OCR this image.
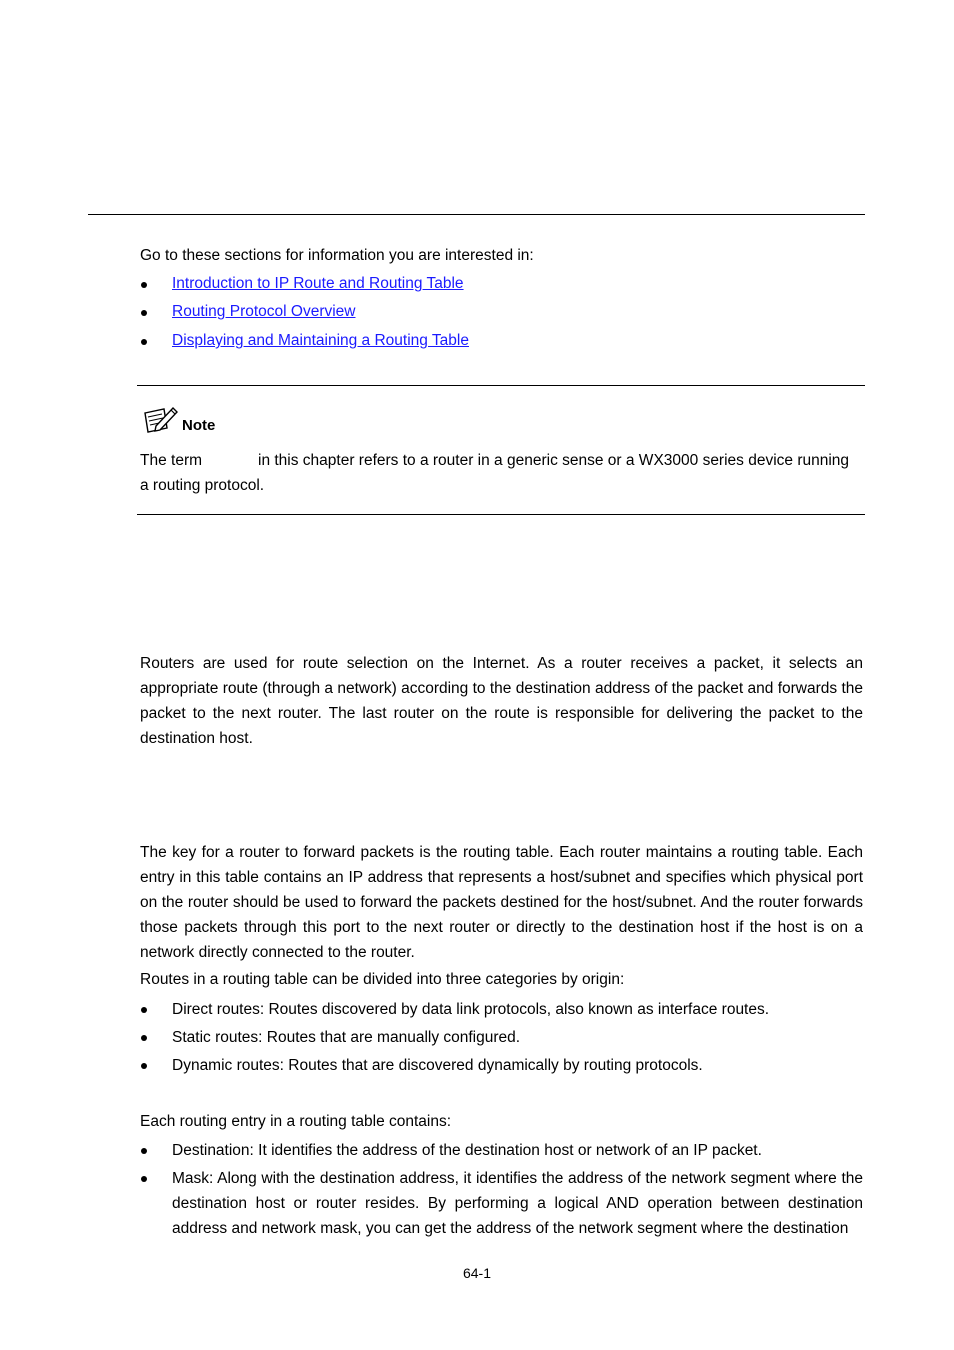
Go to these sections for information you are interested in:
Introduction to IP Route and Routing Table
Routing Protocol Overview
Displaying and Maintaining a Routing Table
Note
The term	in this chapter refers to a router in a generic sense or a WX3000 series device running
a routing protocol.

Routers are used for route selection on the Internet. As a router receives a packet, it selects an appropriate route (through a network) according to the destination address of the packet and forwards the packet to the next router. The last router on the route is responsible for delivering the packet to the destination host.

The key for a router to forward packets is the routing table. Each router maintains a routing table. Each entry in this table contains an IP address that represents a host/subnet and specifies which physical port on the router should be used to forward the packets destined for the host/subnet. And the router forwards those packets through this port to the next router or directly to the destination host if the host is on a network directly connected to the router.

Routes in a routing table can be divided into three categories by origin:
Direct routes: Routes discovered by data link protocols, also known as interface routes.
Static routes: Routes that are manually configured.
Dynamic routes: Routes that are discovered dynamically by routing protocols.
Each routing entry in a routing table contains:
Destination: It identifies the address of the destination host or network of an IP packet.
Mask: Along with the destination address, it identifies the address of the network segment where the destination host or router resides. By performing a logical AND operation between destination address and network mask, you can get the address of the network segment where the destination
64-1
